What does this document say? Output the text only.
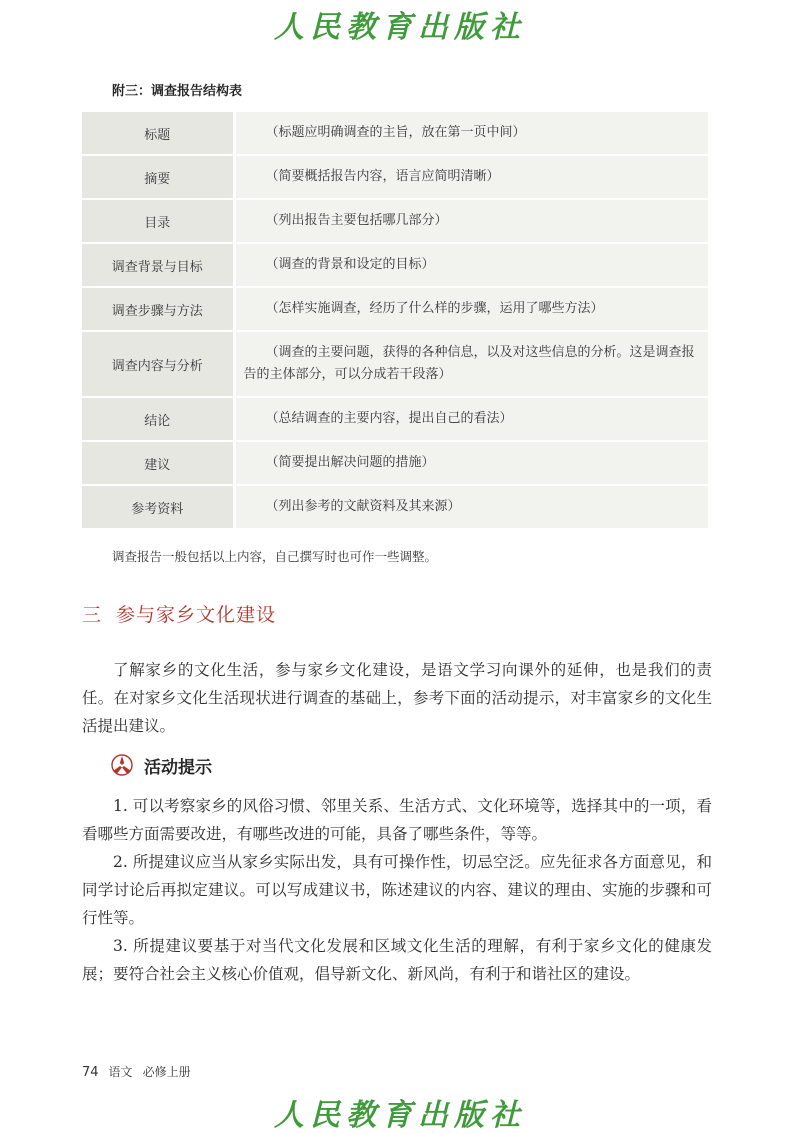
人民教育出版社
附三：调查报告结构表
标题	（标题应明确调查的主旨，放在第一页中间）
摘要	（简要概括报告内容，语言应简明清晰）
目录	（列出报告主要包括哪几部分）
调查背景与目标	（调查的背景和设定的目标）
调查步骤与方法	（怎样实施调查，经历了什么样的步骤，运用了哪些方法）
调查内容与分析	（调查的主要问题，获得的各种信息，以及对这些信息的分析。这是调查报告的主体部分，可以分成若干段落）
结论	（总结调查的主要内容，提出自己的看法）
建议	（简要提出解决问题的措施）
参考资料	（列出参考的文献资料及其来源）
调查报告一般包括以上内容，自己撰写时也可作一些调整。
三 参与家乡文化建设
了解家乡的文化生活，参与家乡文化建设，是语文学习向课外的延伸，也是我们的责任。在对家乡文化生活现状进行调查的基础上，参考下面的活动提示，对丰富家乡的文化生活提出建议。
活动提示
1. 可以考察家乡的风俗习惯、邻里关系、生活方式、文化环境等，选择其中的一项，看看哪些方面需要改进，有哪些改进的可能，具备了哪些条件，等等。
2. 所提建议应当从家乡实际出发，具有可操作性，切忌空泛。应先征求各方面意见，和同学讨论后再拟定建议。可以写成建议书，陈述建议的内容、建议的理由、实施的步骤和可行性等。
3. 所提建议要基于对当代文化发展和区域文化生活的理解，有利于家乡文化的健康发展；要符合社会主义核心价值观，倡导新文化、新风尚，有利于和谐社区的建设。
74 语文 必修上册
人民教育出版社
